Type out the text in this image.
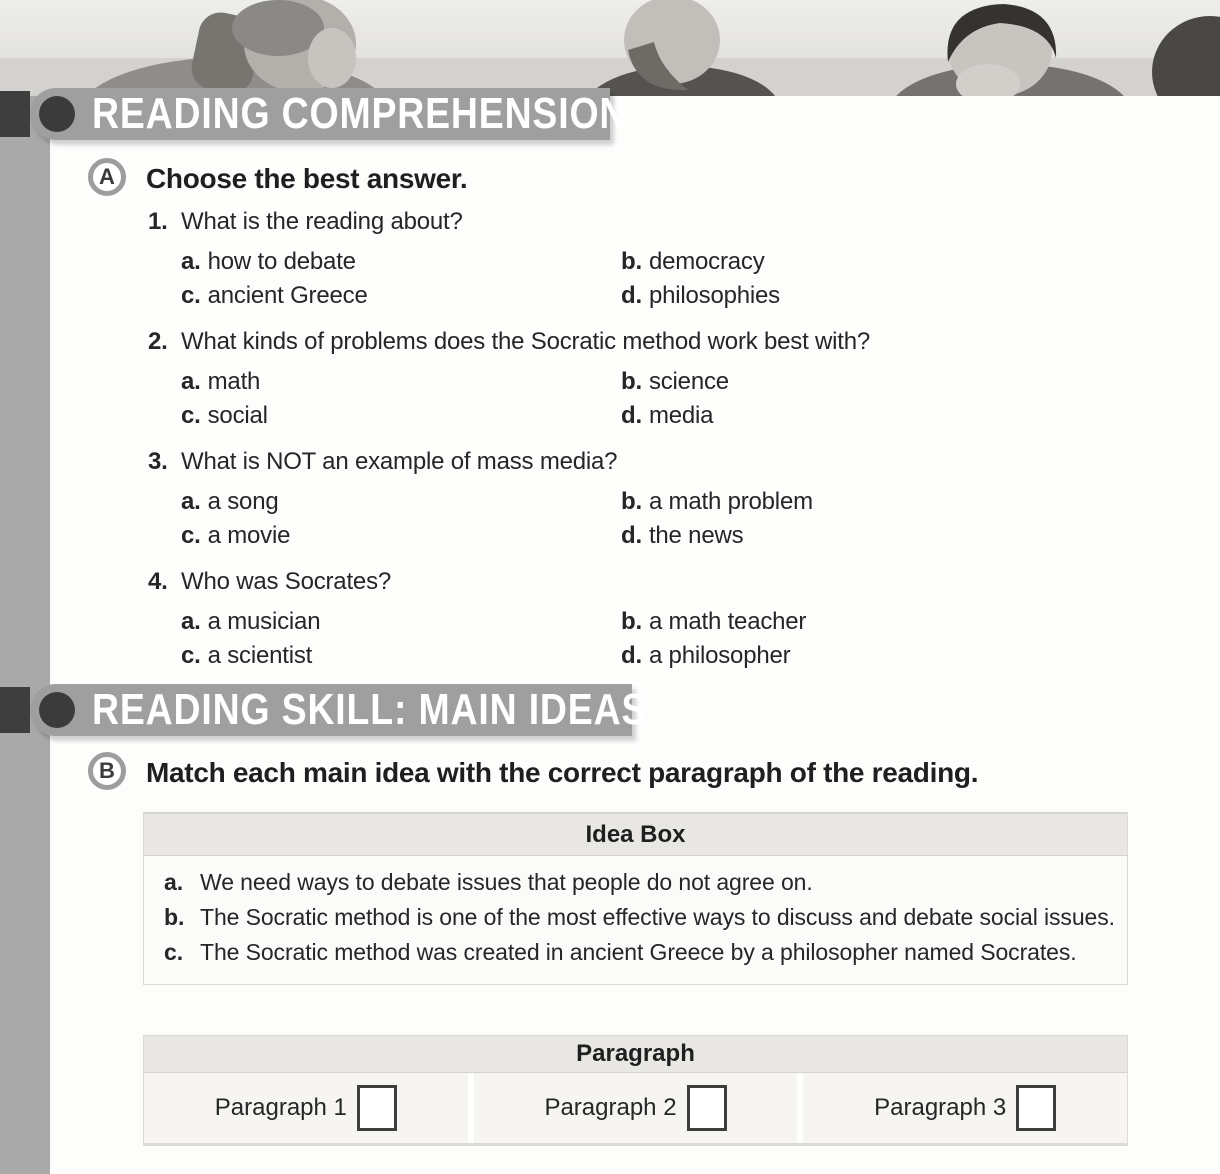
READING COMPREHENSION
A	Choose the best answer.
1. What is the reading about?
a. how to debate	b. democracy
c. ancient Greece	d. philosophies
2. What kinds of problems does the Socratic method work best with?
a. math	b. science
c. social	d. media
3. What is NOT an example of mass media?
a. a song	b. a math problem
c. a movie	d. the news
4. Who was Socrates?
a. a musician	b. a math teacher
c. a scientist	d. a philosopher
READING SKILL: MAIN IDEAS
B	Match each main idea with the correct paragraph of the reading.
Idea Box
a. We need ways to debate issues that people do not agree on.
b. The Socratic method is one of the most effective ways to discuss and debate social issues.
c. The Socratic method was created in ancient Greece by a philosopher named Socrates.
Paragraph
Paragraph 1	Paragraph 2	Paragraph 3
